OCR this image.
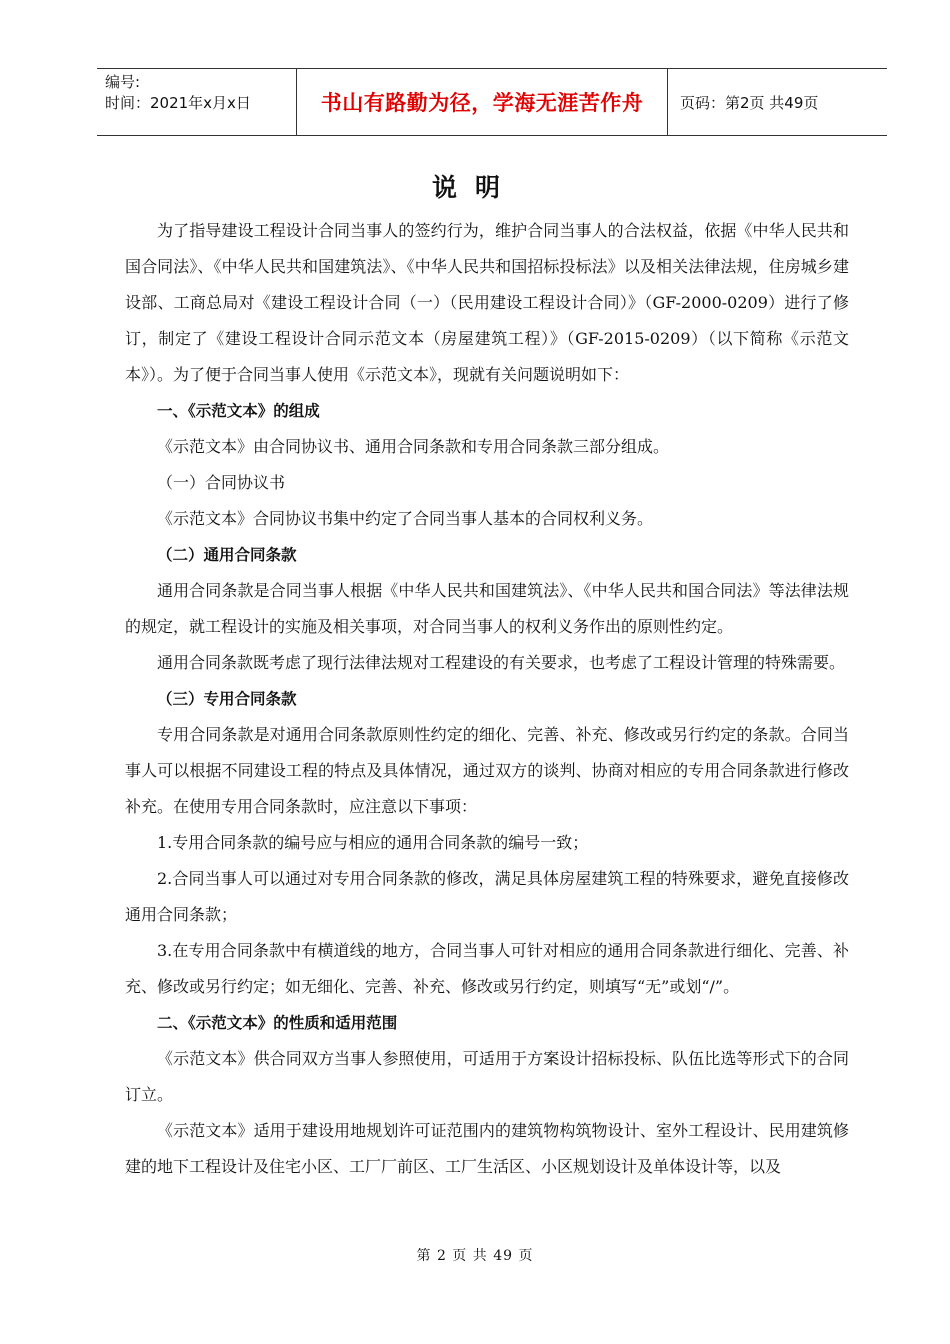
编号:
时间：2021年x月x日	书山有路勤为径，学海无涯苦作舟	页码：第2页 共49页
说明

为了指导建设工程设计合同当事人的签约行为，维护合同当事人的合法权益，依据《中华人民共和国合同法》、《中华人民共和国建筑法》、《中华人民共和国招标投标法》以及相关法律法规，住房城乡建设部、工商总局对《建设工程设计合同（一）（民用建设工程设计合同）》（GF-2000-0209）进行了修订，制定了《建设工程设计合同示范文本（房屋建筑工程）》（GF-2015-0209）（以下简称《示范文本》）。为了便于合同当事人使用《示范文本》，现就有关问题说明如下：

一、《示范文本》的组成

《示范文本》由合同协议书、通用合同条款和专用合同条款三部分组成。

（一）合同协议书

《示范文本》合同协议书集中约定了合同当事人基本的合同权利义务。

（二）通用合同条款

通用合同条款是合同当事人根据《中华人民共和国建筑法》、《中华人民共和国合同法》等法律法规的规定，就工程设计的实施及相关事项，对合同当事人的权利义务作出的原则性约定。

通用合同条款既考虑了现行法律法规对工程建设的有关要求，也考虑了工程设计管理的特殊需要。

（三）专用合同条款

专用合同条款是对通用合同条款原则性约定的细化、完善、补充、修改或另行约定的条款。合同当事人可以根据不同建设工程的特点及具体情况，通过双方的谈判、协商对相应的专用合同条款进行修改补充。在使用专用合同条款时，应注意以下事项：

1.专用合同条款的编号应与相应的通用合同条款的编号一致；

2.合同当事人可以通过对专用合同条款的修改，满足具体房屋建筑工程的特殊要求，避免直接修改通用合同条款；

3.在专用合同条款中有横道线的地方，合同当事人可针对相应的通用合同条款进行细化、完善、补充、修改或另行约定；如无细化、完善、补充、修改或另行约定，则填写“无”或划“/”。

二、《示范文本》的性质和适用范围

《示范文本》供合同双方当事人参照使用，可适用于方案设计招标投标、队伍比选等形式下的合同订立。

《示范文本》适用于建设用地规划许可证范围内的建筑物构筑物设计、室外工程设计、民用建筑修建的地下工程设计及住宅小区、工厂厂前区、工厂生活区、小区规划设计及单体设计等，以及

第 2 页 共 49 页
